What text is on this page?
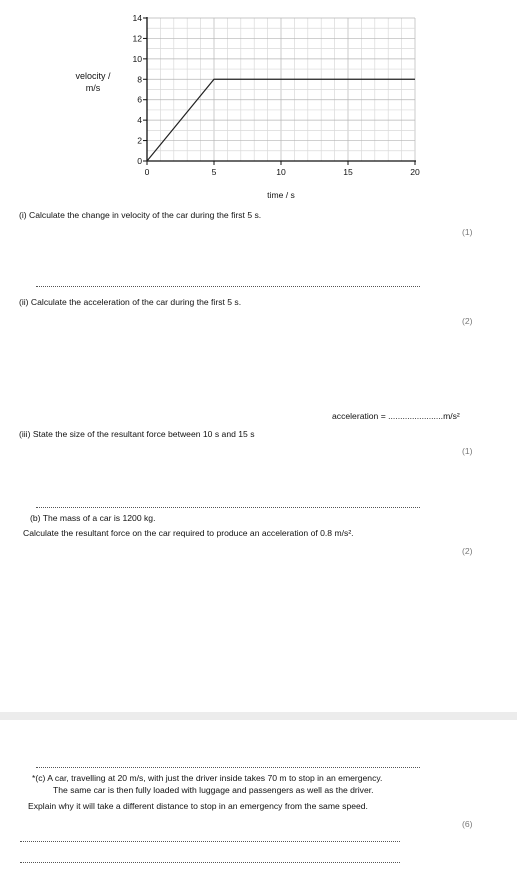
0
2
4
6
8
10
12
14
0	5	10	15	20
velocity /
m/s
time / s
(i) Calculate the change in velocity of the car during the first 5 s.
(1)
(ii) Calculate the acceleration of the car during the first 5 s.
(2)
acceleration = .......................m/s²
(iii) State the size of the resultant force between 10 s and 15 s
(1)
(b) The mass of a car is 1200 kg.
Calculate the resultant force on the car required to produce an acceleration of 0.8 m/s².
(2)
*(c) A car, travelling at 20 m/s, with just the driver inside takes 70 m to stop in an emergency.
The same car is then fully loaded with luggage and passengers as well as the driver.
Explain why it will take a different distance to stop in an emergency from the same speed.
(6)
